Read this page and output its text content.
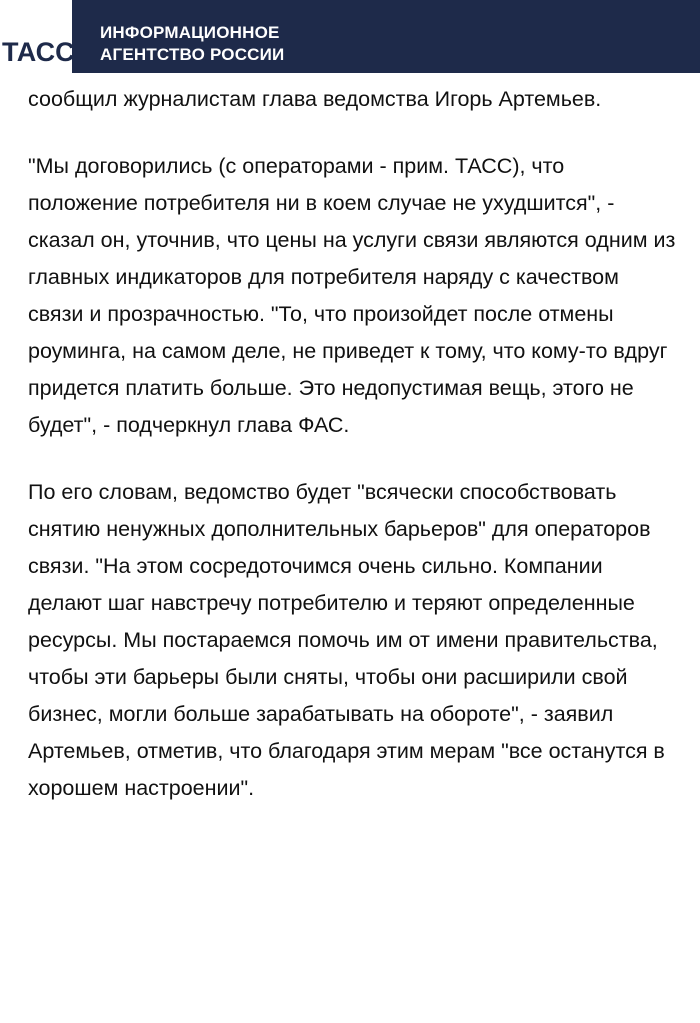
ТАСС
ИНФОРМАЦИОННОЕ
АГЕНТСТВО РОССИИ

сообщил журналистам глава ведомства Игорь Артемьев.

"Мы договорились (с операторами - прим. ТАСС), что положение потребителя ни в коем случае не ухудшится", - сказал он, уточнив, что цены на услуги связи являются одним из главных индикаторов для потребителя наряду с качеством связи и прозрачностью. "То, что произойдет после отмены роуминга, на самом деле, не приведет к тому, что кому-то вдруг придется платить больше. Это недопустимая вещь, этого не будет", - подчеркнул глава ФАС.

По его словам, ведомство будет "всячески способствовать снятию ненужных дополнительных барьеров" для операторов связи. "На этом сосредоточимся очень сильно. Компании делают шаг навстречу потребителю и теряют определенные ресурсы. Мы постараемся помочь им от имени правительства, чтобы эти барьеры были сняты, чтобы они расширили свой бизнес, могли больше зарабатывать на обороте", - заявил Артемьев, отметив, что благодаря этим мерам "все останутся в хорошем настроении".
